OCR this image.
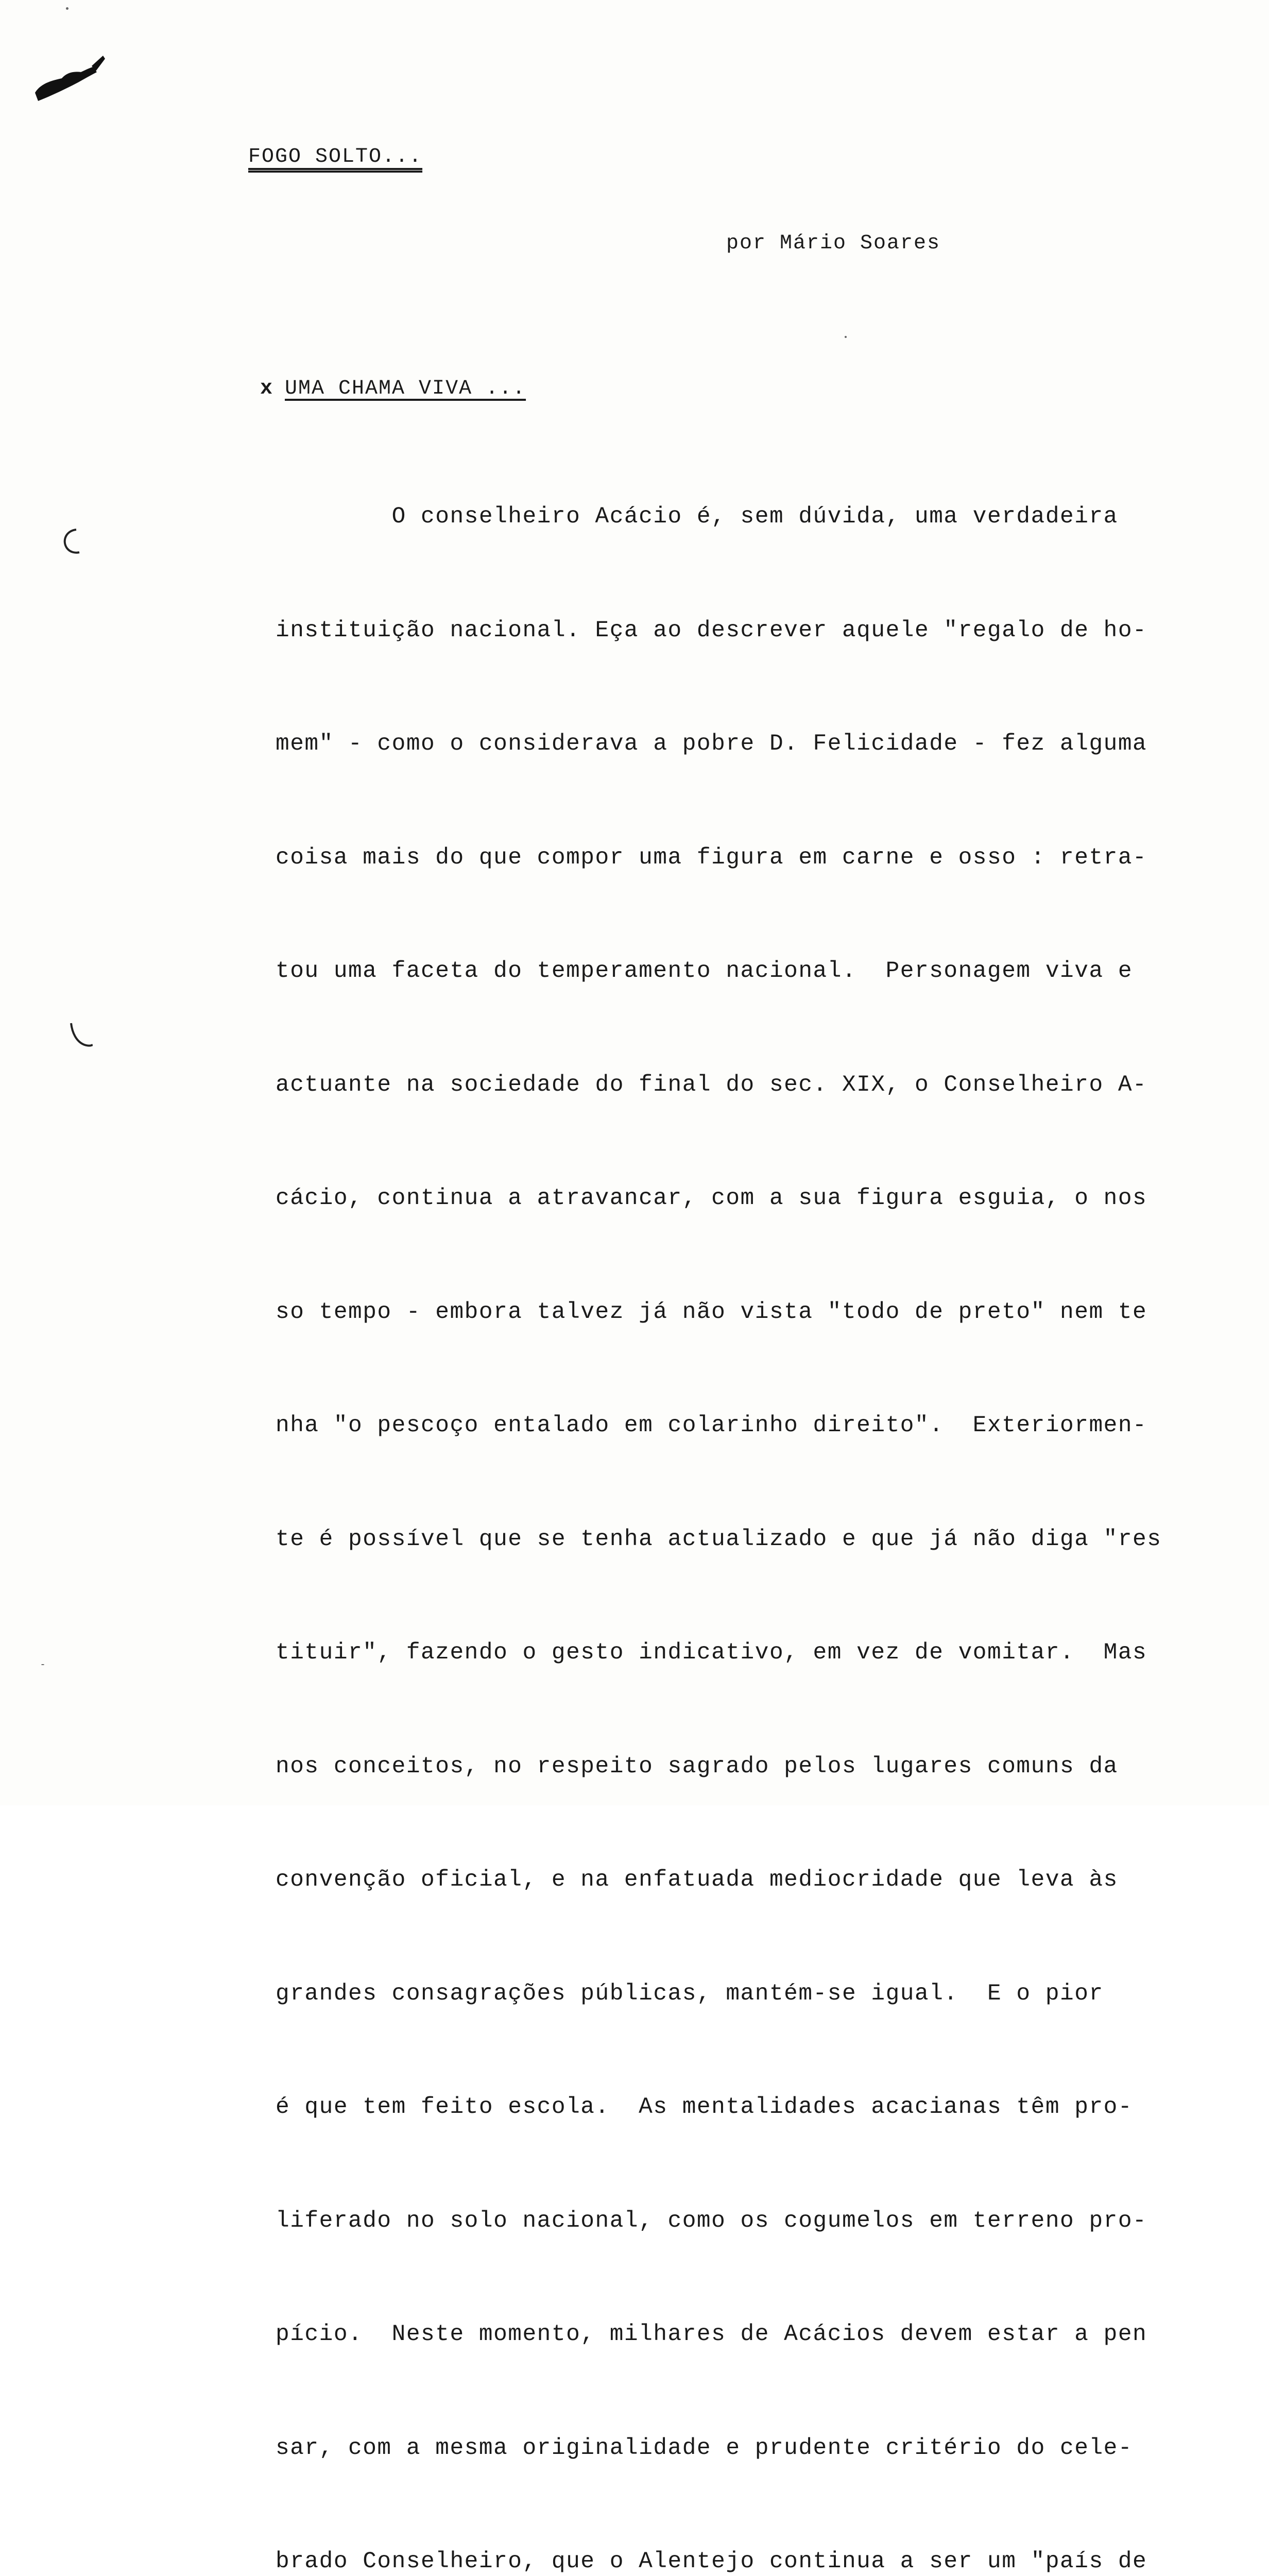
FOGO SOLTO...
por Mário Soares
x UMA CHAMA VIVA ...

O conselheiro Acácio é, sem dúvida, uma verdadeira

instituição nacional. Eça ao descrever aquele "regalo de ho-

mem" - como o considerava a pobre D. Felicidade - fez alguma

coisa mais do que compor uma figura em carne e osso : retra-

tou uma faceta do temperamento nacional.  Personagem viva e

actuante na sociedade do final do sec. XIX, o Conselheiro A-

cácio, continua a atravancar, com a sua figura esguia, o nos

so tempo - embora talvez já não vista "todo de preto" nem te

nha "o pescoço entalado em colarinho direito".  Exteriormen-

te é possível que se tenha actualizado e que já não diga "res

tituir", fazendo o gesto indicativo, em vez de vomitar.  Mas

nos conceitos, no respeito sagrado pelos lugares comuns da

convenção oficial, e na enfatuada mediocridade que leva às

grandes consagrações públicas, mantém-se igual.  E o pior

é que tem feito escola.  As mentalidades acacianas têm pro-

liferado no solo nacional, como os cogumelos em terreno pro-

pício.  Neste momento, milhares de Acácios devem estar a pen

sar, com a mesma originalidade e prudente critério do cele-

brado Conselheiro, que o Alentejo continua a ser um "país de
